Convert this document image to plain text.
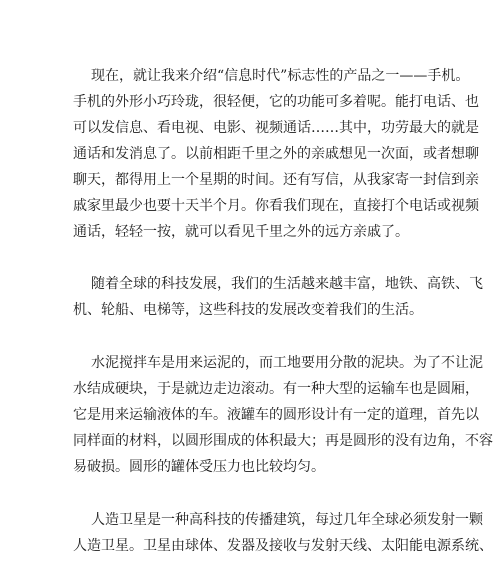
现在，就让我来介绍“信息时代”标志性的产品之一——手机。
手机的外形小巧玲珑，很轻便，它的功能可多着呢。能打电话、也
可以发信息、看电视、电影、视频通话……其中，功劳最大的就是
通话和发消息了。以前相距千里之外的亲戚想见一次面，或者想聊
聊天，都得用上一个星期的时间。还有写信，从我家寄一封信到亲
戚家里最少也要十天半个月。你看我们现在，直接打个电话或视频
通话，轻轻一按，就可以看见千里之外的远方亲戚了。
随着全球的科技发展，我们的生活越来越丰富，地铁、高铁、飞
机、轮船、电梯等，这些科技的发展改变着我们的生活。
水泥搅拌车是用来运泥的，而工地要用分散的泥块。为了不让泥
水结成硬块，于是就边走边滚动。有一种大型的运输车也是圆厢，
它是用来运输液体的车。液罐车的圆形设计有一定的道理，首先以
同样面的材料，以圆形围成的体积最大；再是圆形的没有边角，不容
易破损。圆形的罐体受压力也比较均匀。
人造卫星是一种高科技的传播建筑，每过几年全球必须发射一颗
人造卫星。卫星由球体、发器及接收与发射天线、太阳能电源系统、
